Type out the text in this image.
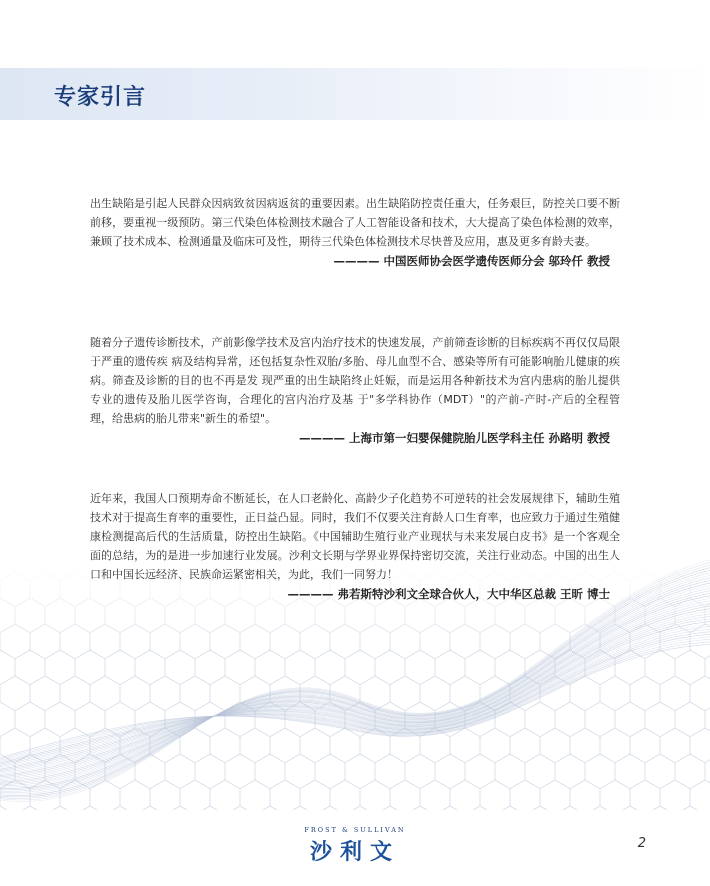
专家引言

出生缺陷是引起人民群众因病致贫因病返贫的重要因素。出生缺陷防控责任重大，任务艰巨，防控关口要不断前移，要重视一级预防。第三代染色体检测技术融合了人工智能设备和技术，大大提高了染色体检测的效率，兼顾了技术成本、检测通量及临床可及性，期待三代染色体检测技术尽快普及应用，惠及更多育龄夫妻。

———— 中国医师协会医学遗传医师分会 邬玲仟 教授

随着分子遗传诊断技术，产前影像学技术及宫内治疗技术的快速发展，产前筛查诊断的目标疾病不再仅仅局限于严重的遗传疾 病及结构异常，还包括复杂性双胎/多胎、母儿血型不合、感染等所有可能影响胎儿健康的疾病。筛查及诊断的目的也不再是发 现严重的出生缺陷终止妊娠，而是运用各种新技术为宫内患病的胎儿提供专业的遗传及胎儿医学咨询，合理化的宫内治疗及基 于"多学科协作（MDT）"的产前-产时-产后的全程管理，给患病的胎儿带来"新生的希望"。

———— 上海市第一妇婴保健院胎儿医学科主任 孙路明 教授

近年来，我国人口预期寿命不断延长，在人口老龄化、高龄少子化趋势不可逆转的社会发展规律下，辅助生殖技术对于提高生育率的重要性，正日益凸显。同时，我们不仅要关注育龄人口生育率，也应致力于通过生殖健康检测提高后代的生活质量，防控出生缺陷。《中国辅助生殖行业产业现状与未来发展白皮书》是一个客观全面的总结，为的是进一步加速行业发展。沙利文长期与学界业界保持密切交流，关注行业动态。中国的出生人口和中国长远经济、民族命运紧密相关，为此，我们一同努力！

———— 弗若斯特沙利文全球合伙人，大中华区总裁 王昕 博士
FROST & SULLIVAN
沙利文	2
